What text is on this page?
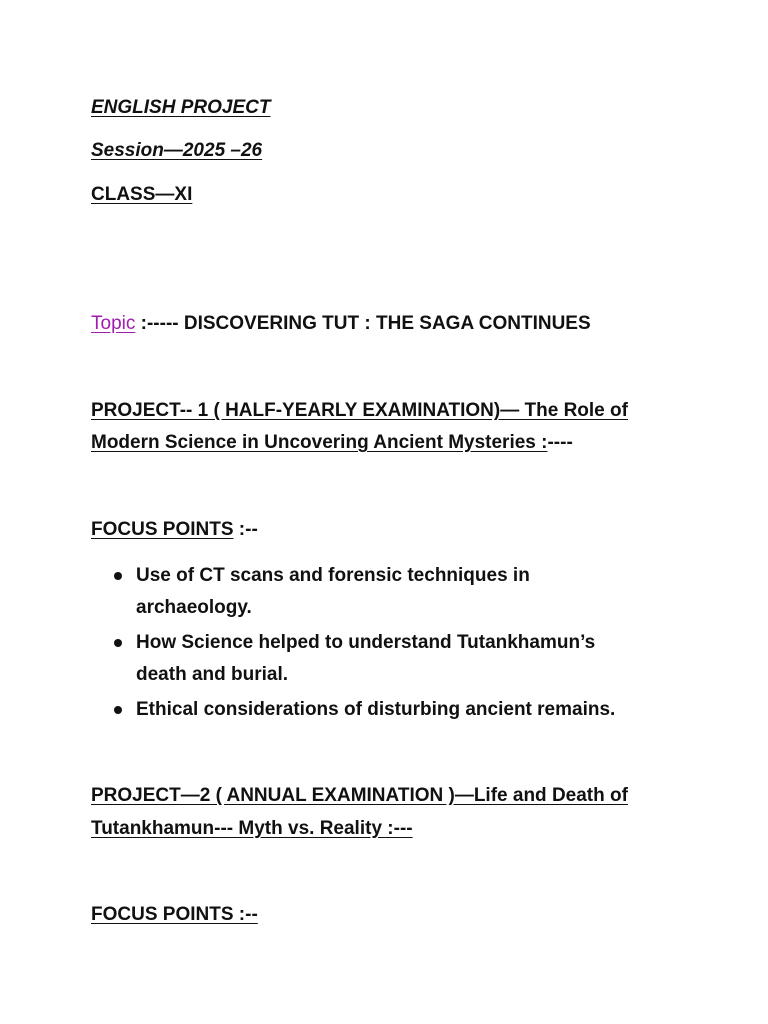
ENGLISH PROJECT
Session—2025 –26
CLASS—XI
Topic :----- DISCOVERING TUT : THE SAGA CONTINUES
PROJECT-- 1 ( HALF-YEARLY EXAMINATION)— The Role of
Modern Science in Uncovering Ancient Mysteries :----
FOCUS POINTS :--
Use of CT scans and forensic techniques in
archaeology.
How Science helped to understand Tutankhamun’s
death and burial.
Ethical considerations of disturbing ancient remains.
PROJECT—2 ( ANNUAL EXAMINATION )—Life and Death of
Tutankhamun--- Myth vs. Reality :---
FOCUS POINTS :--
